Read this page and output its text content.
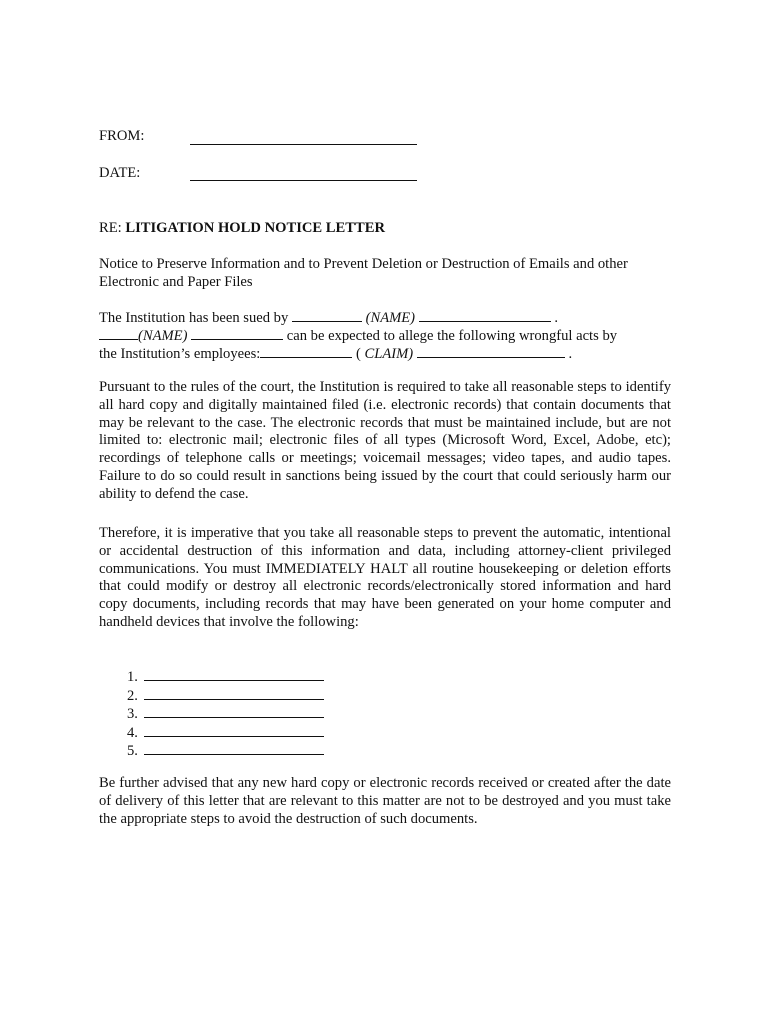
FROM:
DATE:
RE: LITIGATION HOLD NOTICE LETTER
Notice to Preserve Information and to Prevent Deletion or Destruction of Emails and other
Electronic and Paper Files
The Institution has been sued by	(NAME)	.
(NAME)	can be expected to allege the following wrongful acts by
the Institution’s employees:	( CLAIM)	.
Pursuant to the rules of the court, the Institution is required to take all reasonable steps to identify all hard copy and digitally maintained filed (i.e. electronic records) that contain documents that may be relevant to the case. The electronic records that must be maintained include, but are not limited to: electronic mail; electronic files of all types (Microsoft Word, Excel, Adobe, etc); recordings of telephone calls or meetings; voicemail messages; video tapes, and audio tapes. Failure to do so could result in sanctions being issued by the court that could seriously harm our ability to defend the case.
Therefore, it is imperative that you take all reasonable steps to prevent the automatic, intentional or accidental destruction of this information and data, including attorney-client privileged communications. You must IMMEDIATELY HALT all routine housekeeping or deletion efforts that could modify or destroy all electronic records/electronically stored information and hard copy documents, including records that may have been generated on your home computer and handheld devices that involve the following:
1.
2.
3.
4.
5.
Be further advised that any new hard copy or electronic records received or created after the date of delivery of this letter that are relevant to this matter are not to be destroyed and you must take the appropriate steps to avoid the destruction of such documents.
